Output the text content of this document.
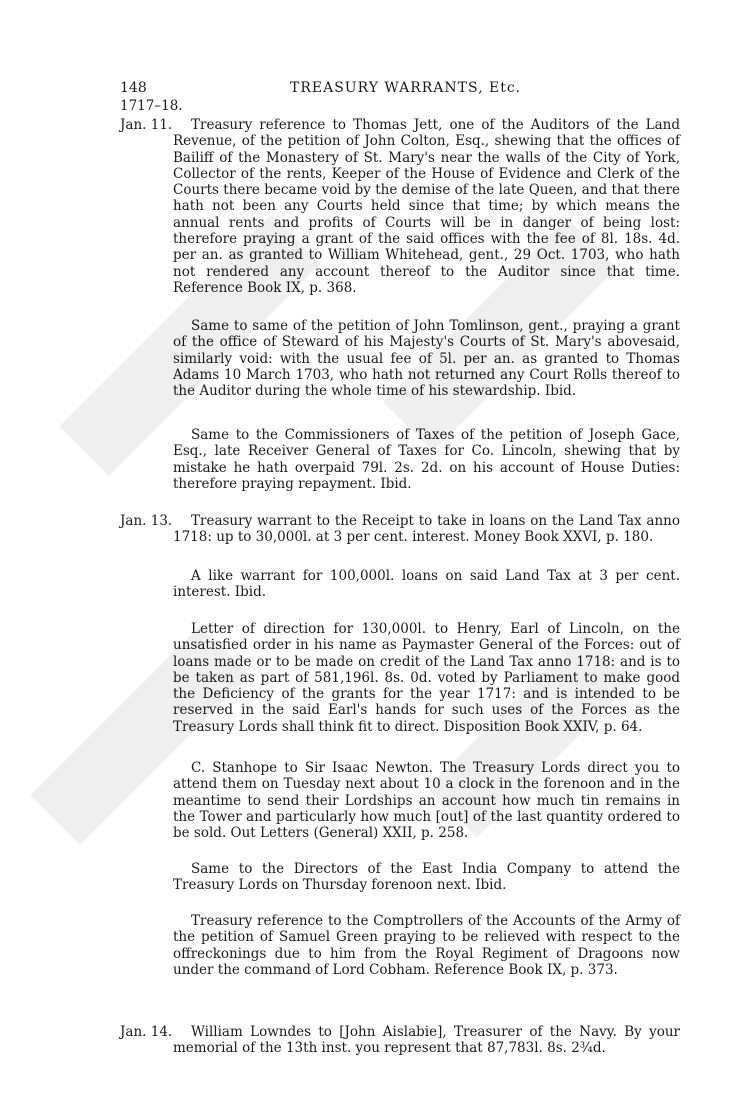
148	TREASURY WARRANTS, Etc.
1717–18.
Jan. 11.	Treasury reference to Thomas Jett, one of the Auditors of the Land Revenue, of the petition of John Colton, Esq., shewing that the offices of Bailiff of the Monastery of St. Mary's near the walls of the City of York, Collector of the rents, Keeper of the House of Evidence and Clerk of the Courts there became void by the demise of the late Queen, and that there hath not been any Courts held since that time; by which means the annual rents and profits of Courts will be in danger of being lost: therefore praying a grant of the said offices with the fee of 8l. 18s. 4d. per an. as granted to William Whitehead, gent., 29 Oct. 1703, who hath not rendered any account thereof to the Auditor since that time. Reference Book IX, p. 368.

Same to same of the petition of John Tomlinson, gent., praying a grant of the office of Steward of his Majesty's Courts of St. Mary's abovesaid, similarly void: with the usual fee of 5l. per an. as granted to Thomas Adams 10 March 1703, who hath not returned any Court Rolls thereof to the Auditor during the whole time of his stewardship. Ibid.

Same to the Commissioners of Taxes of the petition of Joseph Gace, Esq., late Receiver General of Taxes for Co. Lincoln, shewing that by mistake he hath overpaid 79l. 2s. 2d. on his account of House Duties: therefore praying repayment. Ibid.

Jan. 13.	Treasury warrant to the Receipt to take in loans on the Land Tax anno 1718: up to 30,000l. at 3 per cent. interest. Money Book XXVI, p. 180.

A like warrant for 100,000l. loans on said Land Tax at 3 per cent. interest. Ibid.

Letter of direction for 130,000l. to Henry, Earl of Lincoln, on the unsatisfied order in his name as Paymaster General of the Forces: out of loans made or to be made on credit of the Land Tax anno 1718: and is to be taken as part of 581,196l. 8s. 0d. voted by Parliament to make good the Deficiency of the grants for the year 1717: and is intended to be reserved in the said Earl's hands for such uses of the Forces as the Treasury Lords shall think fit to direct. Disposition Book XXIV, p. 64.

C. Stanhope to Sir Isaac Newton. The Treasury Lords direct you to attend them on Tuesday next about 10 a clock in the forenoon and in the meantime to send their Lordships an account how much tin remains in the Tower and particularly how much [out] of the last quantity ordered to be sold. Out Letters (General) XXII, p. 258.

Same to the Directors of the East India Company to attend the Treasury Lords on Thursday forenoon next. Ibid.

Treasury reference to the Comptrollers of the Accounts of the Army of the petition of Samuel Green praying to be relieved with respect to the offreckonings due to him from the Royal Regiment of Dragoons now under the command of Lord Cobham. Reference Book IX, p. 373.

Jan. 14.	William Lowndes to [John Aislabie], Treasurer of the Navy. By your memorial of the 13th inst. you represent that 87,783l. 8s. 2¾d.
